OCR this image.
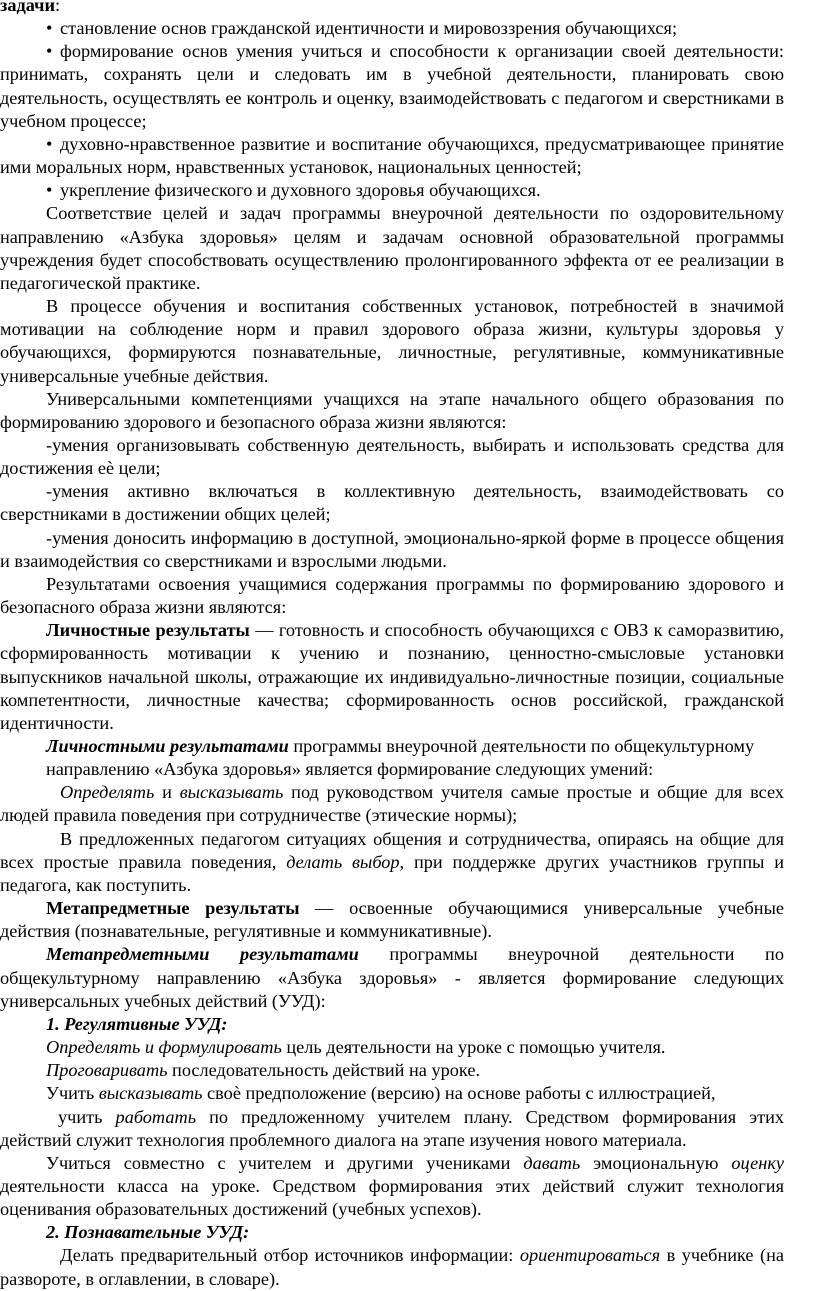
задачи:

• становление основ гражданской идентичности и мировоззрения обучающихся;

• формирование основ умения учиться и способности к организации своей деятельности: принимать, сохранять цели и следовать им в учебной деятельности, планировать свою деятельность, осуществлять ее контроль и оценку, взаимодействовать с педагогом и сверстниками в учебном процессе;

• духовно-нравственное развитие и воспитание обучающихся, предусматривающее принятие ими моральных норм, нравственных установок, национальных ценностей;

• укрепление физического и духовного здоровья обучающихся.

Соответствие целей и задач программы внеурочной деятельности по оздоровительному направлению «Азбука здоровья» целям и задачам основной образовательной программы учреждения будет способствовать осуществлению пролонгированного эффекта от ее реализации в педагогической практике.

В процессе обучения и воспитания собственных установок, потребностей в значимой мотивации на соблюдение норм и правил здорового образа жизни, культуры здоровья у обучающихся, формируются познавательные, личностные, регулятивные, коммуникативные универсальные учебные действия.

Универсальными компетенциями учащихся на этапе начального общего образования по формированию здорового и безопасного образа жизни являются:

-умения организовывать собственную деятельность, выбирать и использовать средства для достижения еѐ цели;

-умения активно включаться в коллективную деятельность, взаимодействовать со сверстниками в достижении общих целей;

-умения доносить информацию в доступной, эмоционально-яркой форме в процессе общения и взаимодействия со сверстниками и взрослыми людьми.

Результатами освоения учащимися содержания программы по формированию здорового и безопасного образа жизни являются:

Личностные результаты — готовность и способность обучающихся с ОВЗ к саморазвитию, сформированность мотивации к учению и познанию, ценностно-смысловые установки выпускников начальной школы, отражающие их индивидуально-личностные позиции, социальные компетентности, личностные качества; сформированность основ российской, гражданской идентичности.

Личностными результатами программы внеурочной деятельности по общекультурному

направлению «Азбука здоровья» является формирование следующих умений:

Определять и высказывать под руководством учителя самые простые и общие для всех людей правила поведения при сотрудничестве (этические нормы);

В предложенных педагогом ситуациях общения и сотрудничества, опираясь на общие для всех простые правила поведения, делать выбор, при поддержке других участников группы и педагога, как поступить.

Метапредметные результаты — освоенные обучающимися универсальные учебные действия (познавательные, регулятивные и коммуникативные).

Метапредметными результатами программы внеурочной деятельности по общекультурному направлению «Азбука здоровья» - является формирование следующих универсальных учебных действий (УУД):

1. Регулятивные УУД:

Определять и формулировать цель деятельности на уроке с помощью учителя.

Проговаривать последовательность действий на уроке.

Учить высказывать своѐ предположение (версию) на основе работы с иллюстрацией,

учить работать по предложенному учителем плану. Средством формирования этих действий служит технология проблемного диалога на этапе изучения нового материала.

Учиться совместно с учителем и другими учениками давать эмоциональную оценку деятельности класса на уроке. Средством формирования этих действий служит технология оценивания образовательных достижений (учебных успехов).

2. Познавательные УУД:

Делать предварительный отбор источников информации: ориентироваться в учебнике (на развороте, в оглавлении, в словаре).
